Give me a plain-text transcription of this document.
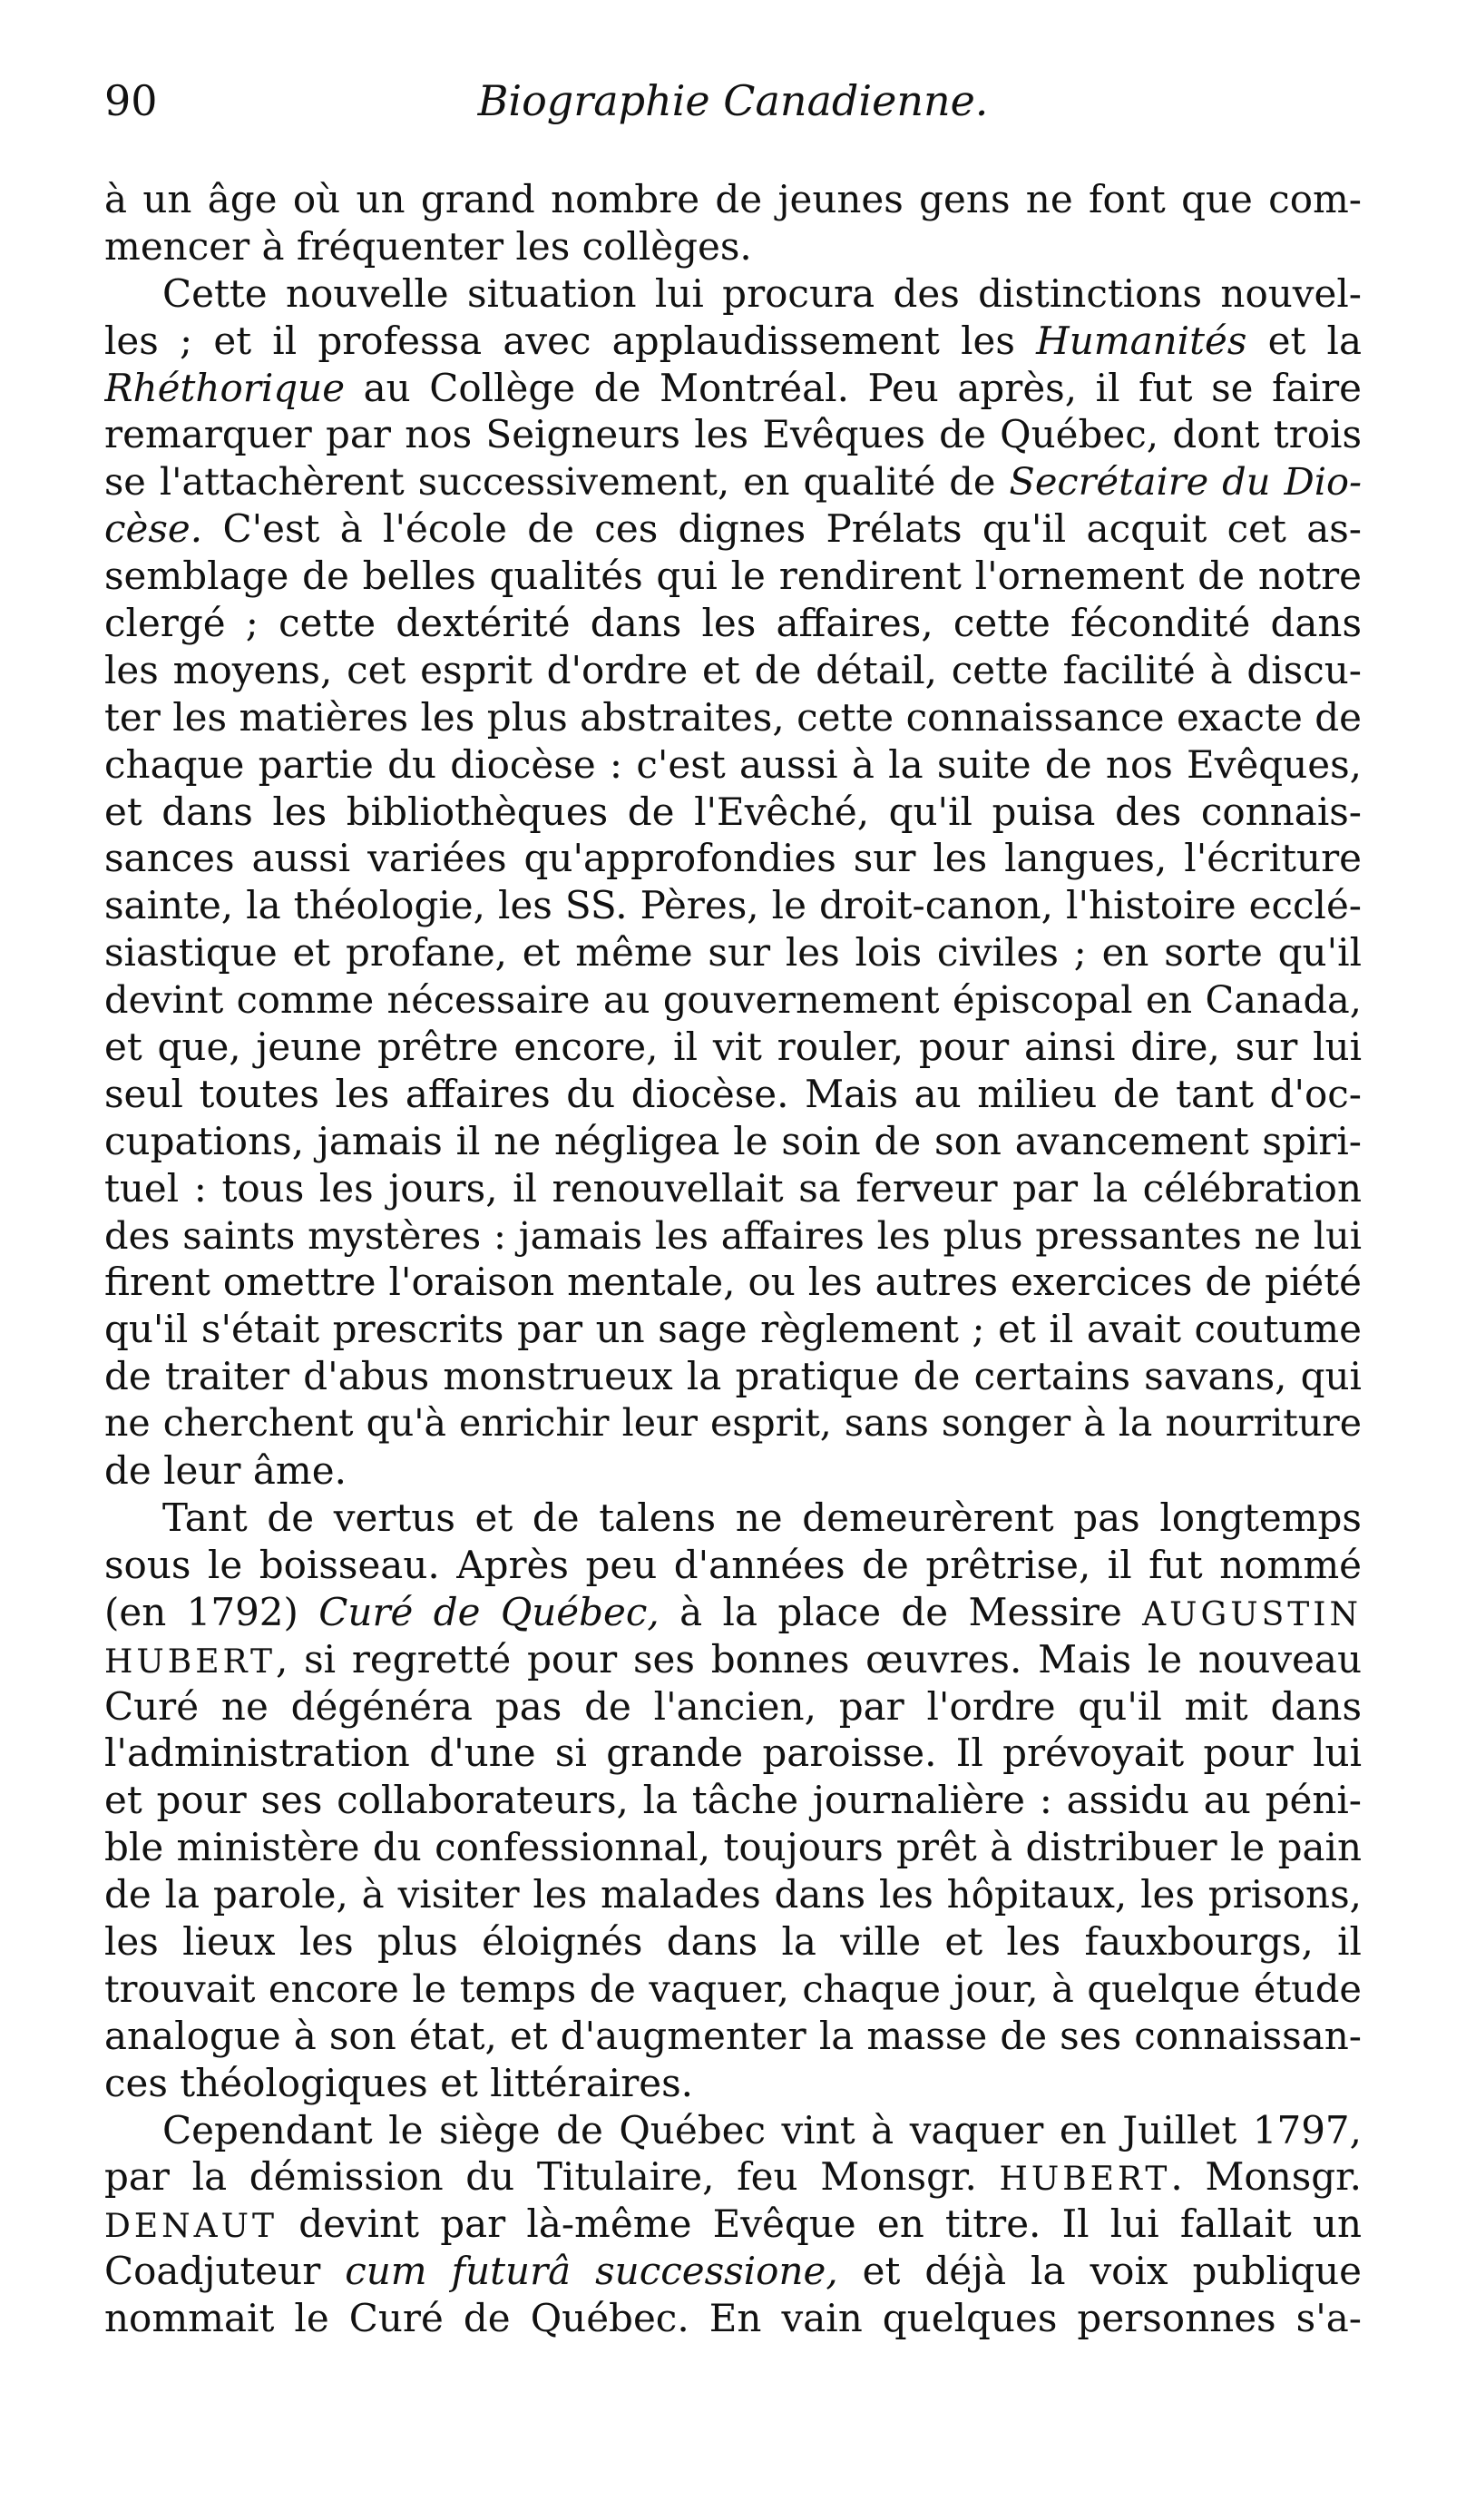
90	Biographie Canadienne.
à un âge où un grand nombre de jeunes gens ne font que com-
mencer à fréquenter les collèges.
Cette nouvelle situation lui procura des distinctions nouvel-
les ; et il professa avec applaudissement les Humanités et la
Rhéthorique au Collège de Montréal. Peu après, il fut se faire
remarquer par nos Seigneurs les Evêques de Québec, dont trois
se l'attachèrent successivement, en qualité de Secrétaire du Dio-
cèse. C'est à l'école de ces dignes Prélats qu'il acquit cet as-
semblage de belles qualités qui le rendirent l'ornement de notre
clergé ; cette dextérité dans les affaires, cette fécondité dans
les moyens, cet esprit d'ordre et de détail, cette facilité à discu-
ter les matières les plus abstraites, cette connaissance exacte de
chaque partie du diocèse : c'est aussi à la suite de nos Evêques,
et dans les bibliothèques de l'Evêché, qu'il puisa des connais-
sances aussi variées qu'approfondies sur les langues, l'écriture
sainte, la théologie, les SS. Pères, le droit-canon, l'histoire ecclé-
siastique et profane, et même sur les lois civiles ; en sorte qu'il
devint comme nécessaire au gouvernement épiscopal en Canada,
et que, jeune prêtre encore, il vit rouler, pour ainsi dire, sur lui
seul toutes les affaires du diocèse. Mais au milieu de tant d'oc-
cupations, jamais il ne négligea le soin de son avancement spiri-
tuel : tous les jours, il renouvellait sa ferveur par la célébration
des saints mystères : jamais les affaires les plus pressantes ne lui
firent omettre l'oraison mentale, ou les autres exercices de piété
qu'il s'était prescrits par un sage règlement ; et il avait coutume
de traiter d'abus monstrueux la pratique de certains savans, qui
ne cherchent qu'à enrichir leur esprit, sans songer à la nourriture
de leur âme.
Tant de vertus et de talens ne demeurèrent pas longtemps
sous le boisseau. Après peu d'années de prêtrise, il fut nommé
(en 1792) Curé de Québec, à la place de Messire AUGUSTIN
HUBERT, si regretté pour ses bonnes œuvres. Mais le nouveau
Curé ne dégénéra pas de l'ancien, par l'ordre qu'il mit dans
l'administration d'une si grande paroisse. Il prévoyait pour lui
et pour ses collaborateurs, la tâche journalière : assidu au péni-
ble ministère du confessionnal, toujours prêt à distribuer le pain
de la parole, à visiter les malades dans les hôpitaux, les prisons,
les lieux les plus éloignés dans la ville et les fauxbourgs, il
trouvait encore le temps de vaquer, chaque jour, à quelque étude
analogue à son état, et d'augmenter la masse de ses connaissan-
ces théologiques et littéraires.
Cependant le siège de Québec vint à vaquer en Juillet 1797,
par la démission du Titulaire, feu Monsgr. HUBERT. Monsgr.
DENAUT devint par là-même Evêque en titre. Il lui fallait un
Coadjuteur cum futurâ successione, et déjà la voix publique
nommait le Curé de Québec. En vain quelques personnes s'a-
